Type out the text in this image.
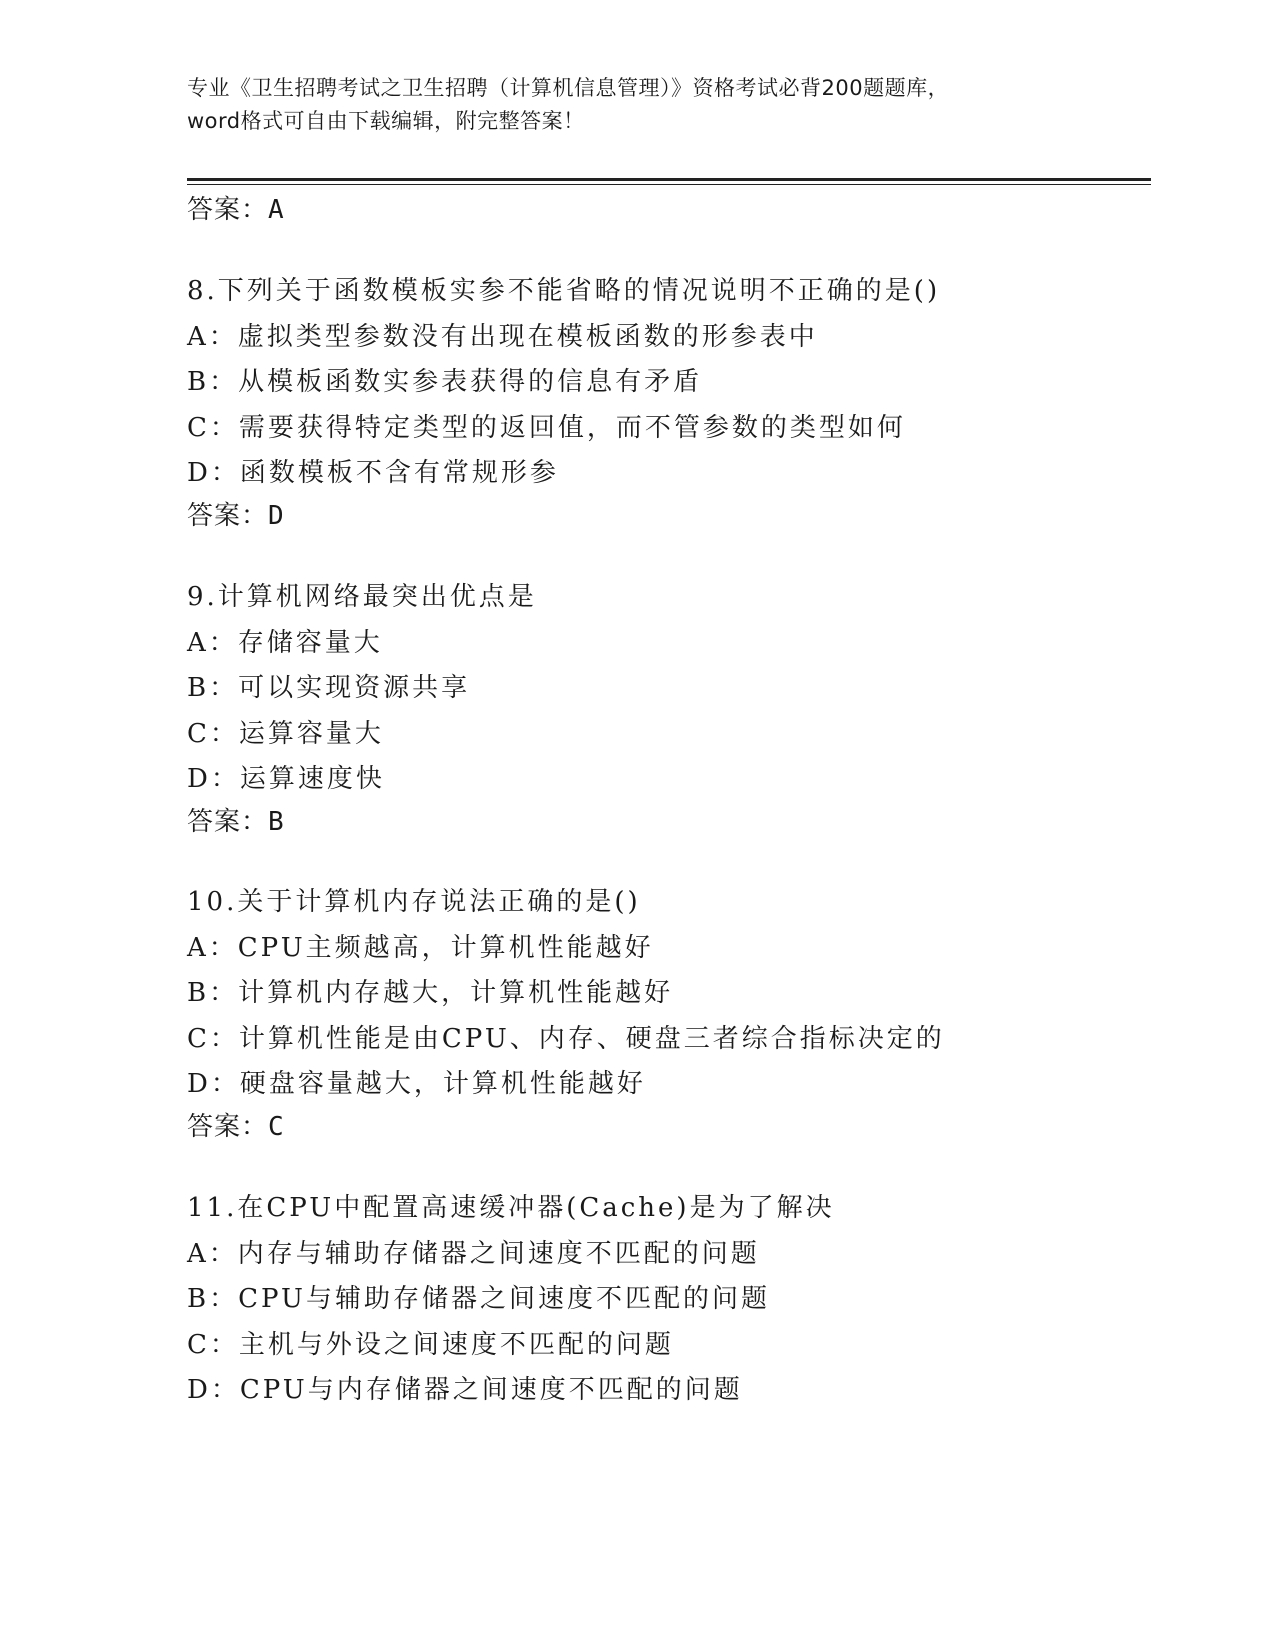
专业《卫生招聘考试之卫生招聘（计算机信息管理）》资格考试必背200题题库，
word格式可自由下载编辑，附完整答案！
答案：A
8.下列关于函数模板实参不能省略的情况说明不正确的是()
A：虚拟类型参数没有出现在模板函数的形参表中
B：从模板函数实参表获得的信息有矛盾
C：需要获得特定类型的返回值，而不管参数的类型如何
D：函数模板不含有常规形参
答案：D
9.计算机网络最突出优点是
A：存储容量大
B：可以实现资源共享
C：运算容量大
D：运算速度快
答案：B
10.关于计算机内存说法正确的是()
A：CPU主频越高，计算机性能越好
B：计算机内存越大，计算机性能越好
C：计算机性能是由CPU、内存、硬盘三者综合指标决定的
D：硬盘容量越大，计算机性能越好
答案：C
11.在CPU中配置高速缓冲器(Cache)是为了解决
A：内存与辅助存储器之间速度不匹配的问题
B：CPU与辅助存储器之间速度不匹配的问题
C：主机与外设之间速度不匹配的问题
D：CPU与内存储器之间速度不匹配的问题
